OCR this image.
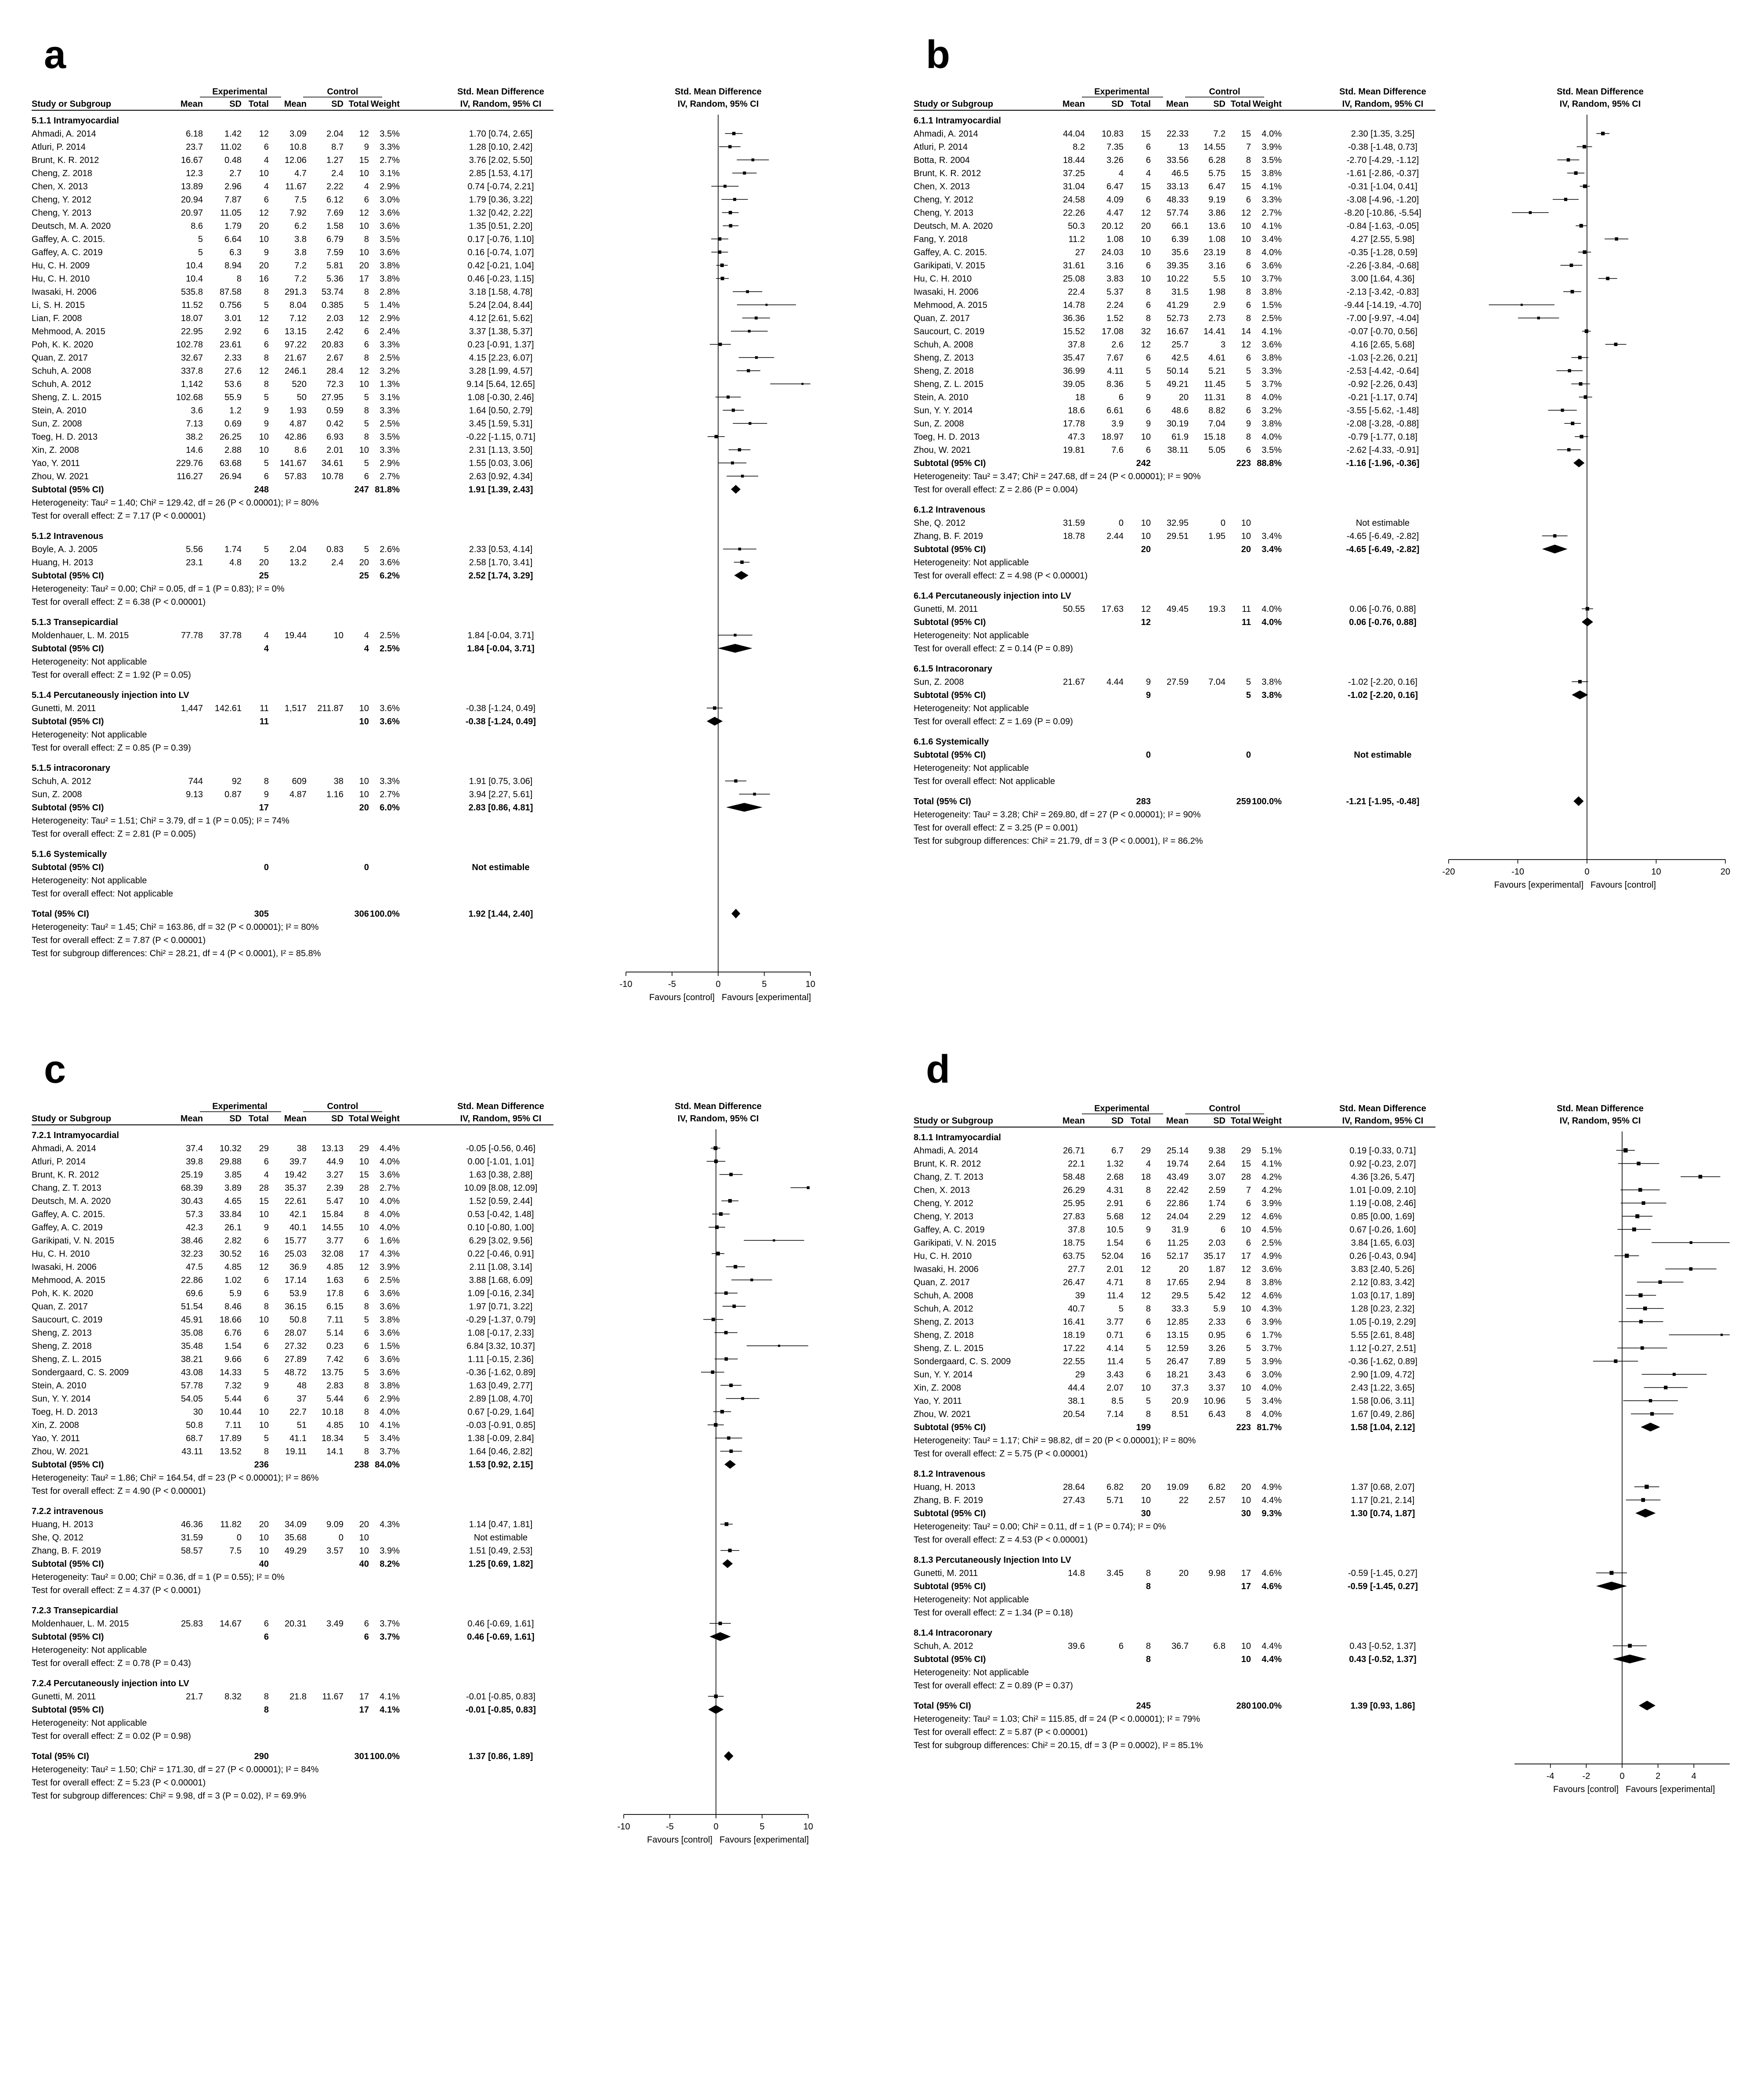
a
Experimental	Control	Std. Mean Difference	Std. Mean Difference
Study or Subgroup	Mean	SD Total Mean	SD Total Weight	IV, Random, 95% CI	IV, Random, 95% CI
5.1.1 Intramyocardial
Ahmadi, A. 2014	6.18 1.42 12 3.09 2.04 12 3.5%	1.70 [0.74, 2.65]
Atluri, P. 2014	23.7 11.02	6 10.8	8.7 9 3.3%	1.28 [0.10, 2.42]
Brunt, K. R. 2012	16.67 0.48	4 12.06 1.27 15 2.7%	3.76 [2.02, 5.50]
Cheng, Z. 2018	12.3	2.7 10	4.7	2.4 10 3.1%	2.85 [1.53, 4.17]
Chen, X. 2013	13.89 2.96	4 11.67 2.22 4 2.9%	0.74 [-0.74, 2.21]
Cheng, Y. 2012	20.94 7.87	6	7.5 6.12 6 3.0%	1.79 [0.36, 3.22]
Cheng, Y. 2013	20.97 11.05 12 7.92 7.69 12 3.6%	1.32 [0.42, 2.22]
Deutsch, M. A. 2020	8.6 1.79 20	6.2 1.58 10 3.6%	1.35 [0.51, 2.20]
Gaffey, A. C. 2015.	5 6.64 10	3.8 6.79 8 3.5%	0.17 [-0.76, 1.10]
Gaffey, A. C. 2019	5	6.3	9	3.8 7.59 10 3.6%	0.16 [-0.74, 1.07]
Hu, C. H. 2009	10.4 8.94 20	7.2 5.81 20 3.8%	0.42 [-0.21, 1.04]
Hu, C. H. 2010	10.4	8 16	7.2 5.36 17 3.8%	0.46 [-0.23, 1.15]
Iwasaki, H. 2006	535.8 87.58	8 291.3 53.74 8 2.8%	3.18 [1.58, 4.78]
Li, S. H. 2015	11.52 0.756	5 8.04 0.385 5 1.4%	5.24 [2.04, 8.44]
Lian, F. 2008	18.07 3.01 12 7.12 2.03 12 2.9%	4.12 [2.61, 5.62]
Mehmood, A. 2015	22.95 2.92	6 13.15 2.42 6 2.4%	3.37 [1.38, 5.37]
Poh, K. K. 2020	102.78 23.61	6 97.22 20.83 6 3.3%	0.23 [-0.91, 1.37]
Quan, Z. 2017	32.67 2.33	8 21.67 2.67 8 2.5%	4.15 [2.23, 6.07]
Schuh, A. 2008	337.8 27.6 12 246.1 28.4 12 3.2%	3.28 [1.99, 4.57]
Schuh, A. 2012	1,142 53.6	8	520 72.3 10 1.3%	9.14 [5.64, 12.65]
Sheng, Z. L. 2015	102.68 55.9	5	50 27.95 5 3.1%	1.08 [-0.30, 2.46]
Stein, A. 2010	3.6	1.2	9 1.93 0.59 8 3.3%	1.64 [0.50, 2.79]
Sun, Z. 2008	7.13 0.69	9 4.87 0.42 5 2.5%	3.45 [1.59, 5.31]
Toeg, H. D. 2013	38.2 26.25 10 42.86 6.93 8 3.5%	-0.22 [-1.15, 0.71]
Xin, Z. 2008	14.6 2.88 10	8.6 2.01 10 3.3%	2.31 [1.13, 3.50]
Yao, Y. 2011	229.76 63.68	5 141.67 34.61 5 2.9%	1.55 [0.03, 3.06]
Zhou, W. 2021	116.27 26.94	6 57.83 10.78 6 2.7%	2.63 [0.92, 4.34]
Subtotal (95% CI)	248	247 81.8%	1.91 [1.39, 2.43]
Heterogeneity: Tau² = 1.40; Chi² = 129.42, df = 26 (P < 0.00001); I² = 80%
Test for overall effect: Z = 7.17 (P < 0.00001)
5.1.2 Intravenous
Boyle, A. J. 2005	5.56 1.74	5 2.04 0.83 5 2.6%	2.33 [0.53, 4.14]
Huang, H. 2013	23.1	4.8 20 13.2	2.4 20 3.6%	2.58 [1.70, 3.41]
Subtotal (95% CI)	25	25 6.2%	2.52 [1.74, 3.29]
Heterogeneity: Tau² = 0.00; Chi² = 0.05, df = 1 (P = 0.83); I² = 0%
Test for overall effect: Z = 6.38 (P < 0.00001)
5.1.3 Transepicardial
Moldenhauer, L. M. 2015	77.78 37.78	4 19.44	10 4 2.5%	1.84 [-0.04, 3.71]
Subtotal (95% CI)	4	4 2.5%	1.84 [-0.04, 3.71]
Heterogeneity: Not applicable
Test for overall effect: Z = 1.92 (P = 0.05)
5.1.4 Percutaneously injection into LV
Gunetti, M. 2011	1,447 142.61 11 1,517 211.87 10 3.6%	-0.38 [-1.24, 0.49]
Subtotal (95% CI)	11	10 3.6%	-0.38 [-1.24, 0.49]
Heterogeneity: Not applicable
Test for overall effect: Z = 0.85 (P = 0.39)
5.1.5 intracoronary
Schuh, A. 2012	744	92	8	609	38 10 3.3%	1.91 [0.75, 3.06]
Sun, Z. 2008	9.13 0.87	9 4.87 1.16 10 2.7%	3.94 [2.27, 5.61]
Subtotal (95% CI)	17	20 6.0%	2.83 [0.86, 4.81]
Heterogeneity: Tau² = 1.51; Chi² = 3.79, df = 1 (P = 0.05); I² = 74%
Test for overall effect: Z = 2.81 (P = 0.005)
5.1.6 Systemically
Subtotal (95% CI)	0	0	Not estimable
Heterogeneity: Not applicable
Test for overall effect: Not applicable
Total (95% CI)	305	306 100.0%	1.92 [1.44, 2.40]
Heterogeneity: Tau² = 1.45; Chi² = 163.86, df = 32 (P < 0.00001); I² = 80%
Test for overall effect: Z = 7.87 (P < 0.00001)
Test for subgroup differences: Chi² = 28.21, df = 4 (P < 0.0001), I² = 85.8%
-10	-5	0	5	10
Favours [control] Favours [experimental]
b
Experimental	Control	Std. Mean Difference	Std. Mean Difference
Study or Subgroup	Mean	SD Total Mean	SD Total Weight	IV, Random, 95% CI	IV, Random, 95% CI
6.1.1 Intramyocardial
Ahmadi, A. 2014	44.04 10.83 15 22.33	7.2 15 4.0%	2.30 [1.35, 3.25]
Atluri, P. 2014	8.2 7.35	6	13 14.55 7 3.9%	-0.38 [-1.48, 0.73]
Botta, R. 2004	18.44 3.26	6 33.56 6.28 8 3.5%	-2.70 [-4.29, -1.12]
Brunt, K. R. 2012	37.25	4	4 46.5 5.75 15 3.8%	-1.61 [-2.86, -0.37]
Chen, X. 2013	31.04 6.47 15 33.13 6.47 15 4.1%	-0.31 [-1.04, 0.41]
Cheng, Y. 2012	24.58 4.09	6 48.33 9.19 6 3.3%	-3.08 [-4.96, -1.20]
Cheng, Y. 2013	22.26 4.47 12 57.74 3.86 12 2.7%	-8.20 [-10.86, -5.54]
Deutsch, M. A. 2020	50.3 20.12 20 66.1 13.6 10 4.1%	-0.84 [-1.63, -0.05]
Fang, Y. 2018	11.2 1.08 10 6.39 1.08 10 3.4%	4.27 [2.55, 5.98]
Gaffey, A. C. 2015.	27 24.03 10 35.6 23.19 8 4.0%	-0.35 [-1.28, 0.59]
Garikipati, V. 2015	31.61 3.16	6 39.35 3.16 6 3.6%	-2.26 [-3.84, -0.68]
Hu, C. H. 2010	25.08 3.83 10 10.22	5.5 10 3.7%	3.00 [1.64, 4.36]
Iwasaki, H. 2006	22.4 5.37	8 31.5 1.98 8 3.8%	-2.13 [-3.42, -0.83]
Mehmood, A. 2015	14.78 2.24	6 41.29	2.9 6 1.5%	-9.44 [-14.19, -4.70]
Quan, Z. 2017	36.36 1.52	8 52.73 2.73 8 2.5%	-7.00 [-9.97, -4.04]
Saucourt, C. 2019	15.52 17.08 32 16.67 14.41 14 4.1%	-0.07 [-0.70, 0.56]
Schuh, A. 2008	37.8	2.6 12 25.7	3 12 3.6%	4.16 [2.65, 5.68]
Sheng, Z. 2013	35.47 7.67	6 42.5 4.61 6 3.8%	-1.03 [-2.26, 0.21]
Sheng, Z. 2018	36.99	4.11	5 50.14 5.21 5 3.3%	-2.53 [-4.42, -0.64]
Sheng, Z. L. 2015	39.05 8.36	5 49.21 11.45 5 3.7%	-0.92 [-2.26, 0.43]
Stein, A. 2010	18	6	9	20 11.31 8 4.0%	-0.21 [-1.17, 0.74]
Sun, Y. Y. 2014	18.6 6.61	6 48.6 8.82 6 3.2%	-3.55 [-5.62, -1.48]
Sun, Z. 2008	17.78	3.9	9 30.19 7.04 9 3.8%	-2.08 [-3.28, -0.88]
Toeg, H. D. 2013	47.3 18.97 10 61.9 15.18 8 4.0%	-0.79 [-1.77, 0.18]
Zhou, W. 2021	19.81	7.6	6 38.11 5.05 6 3.5%	-2.62 [-4.33, -0.91]
Subtotal (95% CI)	242	223 88.8%	-1.16 [-1.96, -0.36]
Heterogeneity: Tau² = 3.47; Chi² = 247.68, df = 24 (P < 0.00001); I² = 90%
Test for overall effect: Z = 2.86 (P = 0.004)
6.1.2 Intravenous
She, Q. 2012	31.59	0 10 32.95	0 10	Not estimable
Zhang, B. F. 2019	18.78 2.44 10 29.51 1.95 10 3.4%	-4.65 [-6.49, -2.82]
Subtotal (95% CI)	20	20 3.4%	-4.65 [-6.49, -2.82]
Heterogeneity: Not applicable
Test for overall effect: Z = 4.98 (P < 0.00001)
6.1.4 Percutaneously injection into LV
Gunetti, M. 2011	50.55 17.63 12 49.45 19.3 11 4.0%	0.06 [-0.76, 0.88]
Subtotal (95% CI)	12	11 4.0%	0.06 [-0.76, 0.88]
Heterogeneity: Not applicable
Test for overall effect: Z = 0.14 (P = 0.89)
6.1.5 Intracoronary
Sun, Z. 2008	21.67 4.44	9 27.59 7.04 5 3.8%	-1.02 [-2.20, 0.16]
Subtotal (95% CI)	9	5 3.8%	-1.02 [-2.20, 0.16]
Heterogeneity: Not applicable
Test for overall effect: Z = 1.69 (P = 0.09)
6.1.6 Systemically
Subtotal (95% CI)	0	0	Not estimable
Heterogeneity: Not applicable
Test for overall effect: Not applicable
Total (95% CI)	283	259 100.0%	-1.21 [-1.95, -0.48]
Heterogeneity: Tau² = 3.28; Chi² = 269.80, df = 27 (P < 0.00001); I² = 90%
Test for overall effect: Z = 3.25 (P = 0.001)
Test for subgroup differences: Chi² = 21.79, df = 3 (P < 0.0001), I² = 86.2%
-20	-10	0	10	20
Favours [experimental] Favours [control]
c
Experimental	Control	Std. Mean Difference	Std. Mean Difference
Study or Subgroup	Mean	SD Total Mean	SD Total Weight	IV, Random, 95% CI	IV, Random, 95% CI
7.2.1 Intramyocardial
Ahmadi, A. 2014	37.4 10.32 29	38 13.13 29 4.4%	-0.05 [-0.56, 0.46]
Atluri, P. 2014	39.8 29.88	6 39.7 44.9 10 4.0%	0.00 [-1.01, 1.01]
Brunt, K. R. 2012	25.19 3.85	4 19.42 3.27 15 3.6%	1.63 [0.38, 2.88]
Chang, Z. T. 2013	68.39 3.89 28 35.37 2.39 28 2.7%	10.09 [8.08, 12.09]
Deutsch, M. A. 2020	30.43 4.65 15 22.61 5.47 10 4.0%	1.52 [0.59, 2.44]
Gaffey, A. C. 2015.	57.3 33.84 10 42.1 15.84 8 4.0%	0.53 [-0.42, 1.48]
Gaffey, A. C. 2019	42.3 26.1	9 40.1 14.55 10 4.0%	0.10 [-0.80, 1.00]
Garikipati, V. N. 2015	38.46 2.82	6 15.77 3.77 6 1.6%	6.29 [3.02, 9.56]
Hu, C. H. 2010	32.23 30.52 16 25.03 32.08 17 4.3%	0.22 [-0.46, 0.91]
Iwasaki, H. 2006	47.5 4.85 12 36.9 4.85 12 3.9%	2.11 [1.08, 3.14]
Mehmood, A. 2015	22.86 1.02	6 17.14 1.63 6 2.5%	3.88 [1.68, 6.09]
Poh, K. K. 2020	69.6	5.9	6 53.9 17.8 6 3.6%	1.09 [-0.16, 2.34]
Quan, Z. 2017	51.54 8.46	8 36.15 6.15 8 3.6%	1.97 [0.71, 3.22]
Saucourt, C. 2019	45.91 18.66 10 50.8 7.11 5 3.8%	-0.29 [-1.37, 0.79]
Sheng, Z. 2013	35.08 6.76	6 28.07 5.14 6 3.6%	1.08 [-0.17, 2.33]
Sheng, Z. 2018	35.48 1.54	6 27.32 0.23 6 1.5%	6.84 [3.32, 10.37]
Sheng, Z. L. 2015	38.21 9.66	6 27.89 7.42 6 3.6%	1.11 [-0.15, 2.36]
Sondergaard, C. S. 2009	43.08 14.33	5 48.72 13.75 5 3.6%	-0.36 [-1.62, 0.89]
Stein, A. 2010	57.78 7.32	9	48 2.83 8 3.8%	1.63 [0.49, 2.77]
Sun, Y. Y. 2014	54.05 5.44	6	37 5.44 6 2.9%	2.89 [1.08, 4.70]
Toeg, H. D. 2013	30 10.44 10 22.7 10.18 8 4.0%	0.67 [-0.29, 1.64]
Xin, Z. 2008	50.8	7.11 10	51 4.85 10 4.1%	-0.03 [-0.91, 0.85]
Yao, Y. 2011	68.7 17.89	5 41.1 18.34 5 3.4%	1.38 [-0.09, 2.84]
Zhou, W. 2021	43.11 13.52	8 19.11 14.1 8 3.7%	1.64 [0.46, 2.82]
Subtotal (95% CI)	236	238 84.0%	1.53 [0.92, 2.15]
Heterogeneity: Tau² = 1.86; Chi² = 164.54, df = 23 (P < 0.00001); I² = 86%
Test for overall effect: Z = 4.90 (P < 0.00001)
7.2.2 intravenous
Huang, H. 2013	46.36 11.82 20 34.09 9.09 20 4.3%	1.14 [0.47, 1.81]
She, Q. 2012	31.59	0 10 35.68	0 10	Not estimable
Zhang, B. F. 2019	58.57	7.5 10 49.29 3.57 10 3.9%	1.51 [0.49, 2.53]
Subtotal (95% CI)	40	40 8.2%	1.25 [0.69, 1.82]
Heterogeneity: Tau² = 0.00; Chi² = 0.36, df = 1 (P = 0.55); I² = 0%
Test for overall effect: Z = 4.37 (P < 0.0001)
7.2.3 Transepicardial
Moldenhauer, L. M. 2015	25.83 14.67	6 20.31 3.49 6 3.7%	0.46 [-0.69, 1.61]
Subtotal (95% CI)	6	6 3.7%	0.46 [-0.69, 1.61]
Heterogeneity: Not applicable
Test for overall effect: Z = 0.78 (P = 0.43)
7.2.4 Percutaneously injection into LV
Gunetti, M. 2011	21.7 8.32	8 21.8 11.67 17 4.1%	-0.01 [-0.85, 0.83]
Subtotal (95% CI)	8	17 4.1%	-0.01 [-0.85, 0.83]
Heterogeneity: Not applicable
Test for overall effect: Z = 0.02 (P = 0.98)
Total (95% CI)	290	301 100.0%	1.37 [0.86, 1.89]
Heterogeneity: Tau² = 1.50; Chi² = 171.30, df = 27 (P < 0.00001); I² = 84%
Test for overall effect: Z = 5.23 (P < 0.00001)
Test for subgroup differences: Chi² = 9.98, df = 3 (P = 0.02), I² = 69.9%
-10	-5	0	5	10
Favours [control] Favours [experimental]
d
Experimental	Control	Std. Mean Difference	Std. Mean Difference
Study or Subgroup	Mean	SD Total Mean	SD Total Weight	IV, Random, 95% CI	IV, Random, 95% CI
8.1.1 Intramyocardial
Ahmadi, A. 2014	26.71	6.7 29 25.14 9.38 29 5.1%	0.19 [-0.33, 0.71]
Brunt, K. R. 2012	22.1 1.32	4 19.74 2.64 15 4.1%	0.92 [-0.23, 2.07]
Chang, Z. T. 2013	58.48 2.68 18 43.49 3.07 28 4.2%	4.36 [3.26, 5.47]
Chen, X. 2013	26.29 4.31	8 22.42 2.59 7 4.2%	1.01 [-0.09, 2.10]
Cheng, Y. 2012	25.95 2.91	6 22.86 1.74 6 3.9%	1.19 [-0.08, 2.46]
Cheng, Y. 2013	27.83 5.68 12 24.04 2.29 12 4.6%	0.85 [0.00, 1.69]
Gaffey, A. C. 2019	37.8 10.5	9 31.9	6 10 4.5%	0.67 [-0.26, 1.60]
Garikipati, V. N. 2015	18.75 1.54	6 11.25 2.03 6 2.5%	3.84 [1.65, 6.03]
Hu, C. H. 2010	63.75 52.04 16 52.17 35.17 17 4.9%	0.26 [-0.43, 0.94]
Iwasaki, H. 2006	27.7 2.01 12	20 1.87 12 3.6%	3.83 [2.40, 5.26]
Quan, Z. 2017	26.47 4.71	8 17.65 2.94 8 3.8%	2.12 [0.83, 3.42]
Schuh, A. 2008	39	11.4 12 29.5 5.42 12 4.6%	1.03 [0.17, 1.89]
Schuh, A. 2012	40.7	5	8 33.3	5.9 10 4.3%	1.28 [0.23, 2.32]
Sheng, Z. 2013	16.41 3.77	6 12.85 2.33 6 3.9%	1.05 [-0.19, 2.29]
Sheng, Z. 2018	18.19 0.71	6 13.15 0.95 6 1.7%	5.55 [2.61, 8.48]
Sheng, Z. L. 2015	17.22 4.14	5 12.59 3.26 5 3.7%	1.12 [-0.27, 2.51]
Sondergaard, C. S. 2009	22.55	11.4	5 26.47 7.89 5 3.9%	-0.36 [-1.62, 0.89]
Sun, Y. Y. 2014	29 3.43	6 18.21 3.43 6 3.0%	2.90 [1.09, 4.72]
Xin, Z. 2008	44.4 2.07 10 37.3 3.37 10 4.0%	2.43 [1.22, 3.65]
Yao, Y. 2011	38.1	8.5	5 20.9 10.96 5 3.4%	1.58 [0.06, 3.11]
Zhou, W. 2021	20.54 7.14	8 8.51 6.43 8 4.0%	1.67 [0.49, 2.86]
Subtotal (95% CI)	199	223 81.7%	1.58 [1.04, 2.12]
Heterogeneity: Tau² = 1.17; Chi² = 98.82, df = 20 (P < 0.00001); I² = 80%
Test for overall effect: Z = 5.75 (P < 0.00001)
8.1.2 Intravenous
Huang, H. 2013	28.64 6.82 20 19.09 6.82 20 4.9%	1.37 [0.68, 2.07]
Zhang, B. F. 2019	27.43 5.71 10	22 2.57 10 4.4%	1.17 [0.21, 2.14]
Subtotal (95% CI)	30	30 9.3%	1.30 [0.74, 1.87]
Heterogeneity: Tau² = 0.00; Chi² = 0.11, df = 1 (P = 0.74); I² = 0%
Test for overall effect: Z = 4.53 (P < 0.00001)
8.1.3 Percutaneously Injection Into LV
Gunetti, M. 2011	14.8 3.45	8	20 9.98 17 4.6%	-0.59 [-1.45, 0.27]
Subtotal (95% CI)	8	17 4.6%	-0.59 [-1.45, 0.27]
Heterogeneity: Not applicable
Test for overall effect: Z = 1.34 (P = 0.18)
8.1.4 Intracoronary
Schuh, A. 2012	39.6	6	8 36.7	6.8 10 4.4%	0.43 [-0.52, 1.37]
Subtotal (95% CI)	8	10 4.4%	0.43 [-0.52, 1.37]
Heterogeneity: Not applicable
Test for overall effect: Z = 0.89 (P = 0.37)
Total (95% CI)	245	280 100.0%	1.39 [0.93, 1.86]
Heterogeneity: Tau² = 1.03; Chi² = 115.85, df = 24 (P < 0.00001); I² = 79%
Test for overall effect: Z = 5.87 (P < 0.00001)
Test for subgroup differences: Chi² = 20.15, df = 3 (P = 0.0002), I² = 85.1%
-4	-2	0	2	4
Favours [control] Favours [experimental]
